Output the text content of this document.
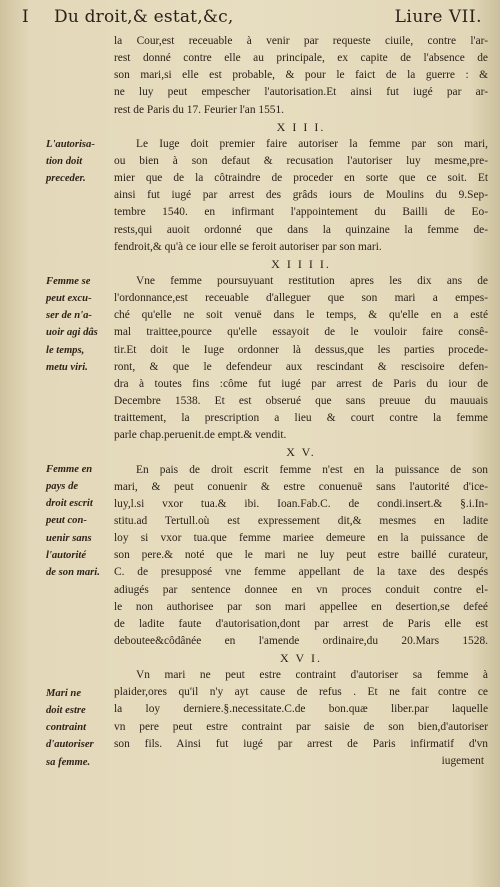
I Du droit,& estat,&c,	Liure VII.
la Cour,est receuable à venir par requeste ciuile, contre l'ar-
rest donné contre elle au principale, ex capite de l'absence de
son mari,si elle est probable, & pour le faict de la guerre : &
ne luy peut empescher l'autorisation.Et ainsi fut iugé par ar-
rest de Paris du 17. Feurier l'an 1551.
X I I I.
Le Iuge doit premier faire autoriser la femme par son mari,
ou bien à son defaut & recusation l'autoriser luy mesme,pre-
mier que de la côtraindre de proceder en sorte que ce soit. Et
ainsi fut iugé par arrest des grâds iours de Moulins du 9.Sep-
tembre 1540. en infirmant l'appointement du Bailli de Eo-
rests,qui auoit ordonné que dans la quinzaine la femme de-
fendroit,& qu'à ce iour elle se feroit autoriser par son mari.
X I I I I.
Vne femme poursuyuant restitution apres les dix ans de
l'ordonnance,est receuable d'alleguer que son mari a empes-
ché qu'elle ne soit venuë dans le temps, & qu'elle en a esté
mal traittee,pource qu'elle essayoit de le vouloir faire consê-
tir.Et doit le Iuge ordonner là dessus,que les parties procede-
ront, & que le defendeur aux rescindant & rescisoire defen-
dra à toutes fins :côme fut iugé par arrest de Paris du iour de
Decembre 1538. Et est obserué que sans preuue du mauuais
traittement, la prescription a lieu & court contre la femme
parle chap.peruenit.de empt.& vendit.
X V.
En pais de droit escrit femme n'est en la puissance de son
mari, & peut conuenir & estre conuenuë sans l'autorité d'ice-
luy,l.si vxor tua.& ibi. Ioan.Fab.C. de condi.insert.& §.i.In-
stitu.ad Tertull.où est expressement dit,& mesmes en ladite
loy si vxor tua.que femme mariee demeure en la puissance de
son pere.& noté que le mari ne luy peut estre baillé curateur,
C. de presupposé vne femme appellant de la taxe des despés
adiugés par sentence donnee en vn proces conduit contre el-
le non authorisee par son mari appellee en desertion,se defeé
de ladite faute d'autorisation,dont par arrest de Paris elle est
deboutee&côdânée en l'amende ordinaire,du 20.Mars 1528.
X V I.
Vn mari ne peut estre contraint d'autoriser sa femme à
plaider,ores qu'il n'y ayt cause de refus . Et ne fait contre ce
la loy derniere.§.necessitate.C.de bon.quæ liber.par laquelle
vn pere peut estre contraint par saisie de son bien,d'autoriser
son fils. Ainsi fut iugé par arrest de Paris infirmatif d'vn
iugement
L'autorisa-
tion doit
preceder.
Femme se
peut excu-
ser de n'a-
uoir agi dâs
le temps,
metu viri.
Femme en
pays de
droit escrit
peut con-
uenir sans
l'autorité
de son mari.
Mari ne
doit estre
contraint
d'autoriser
sa femme.
